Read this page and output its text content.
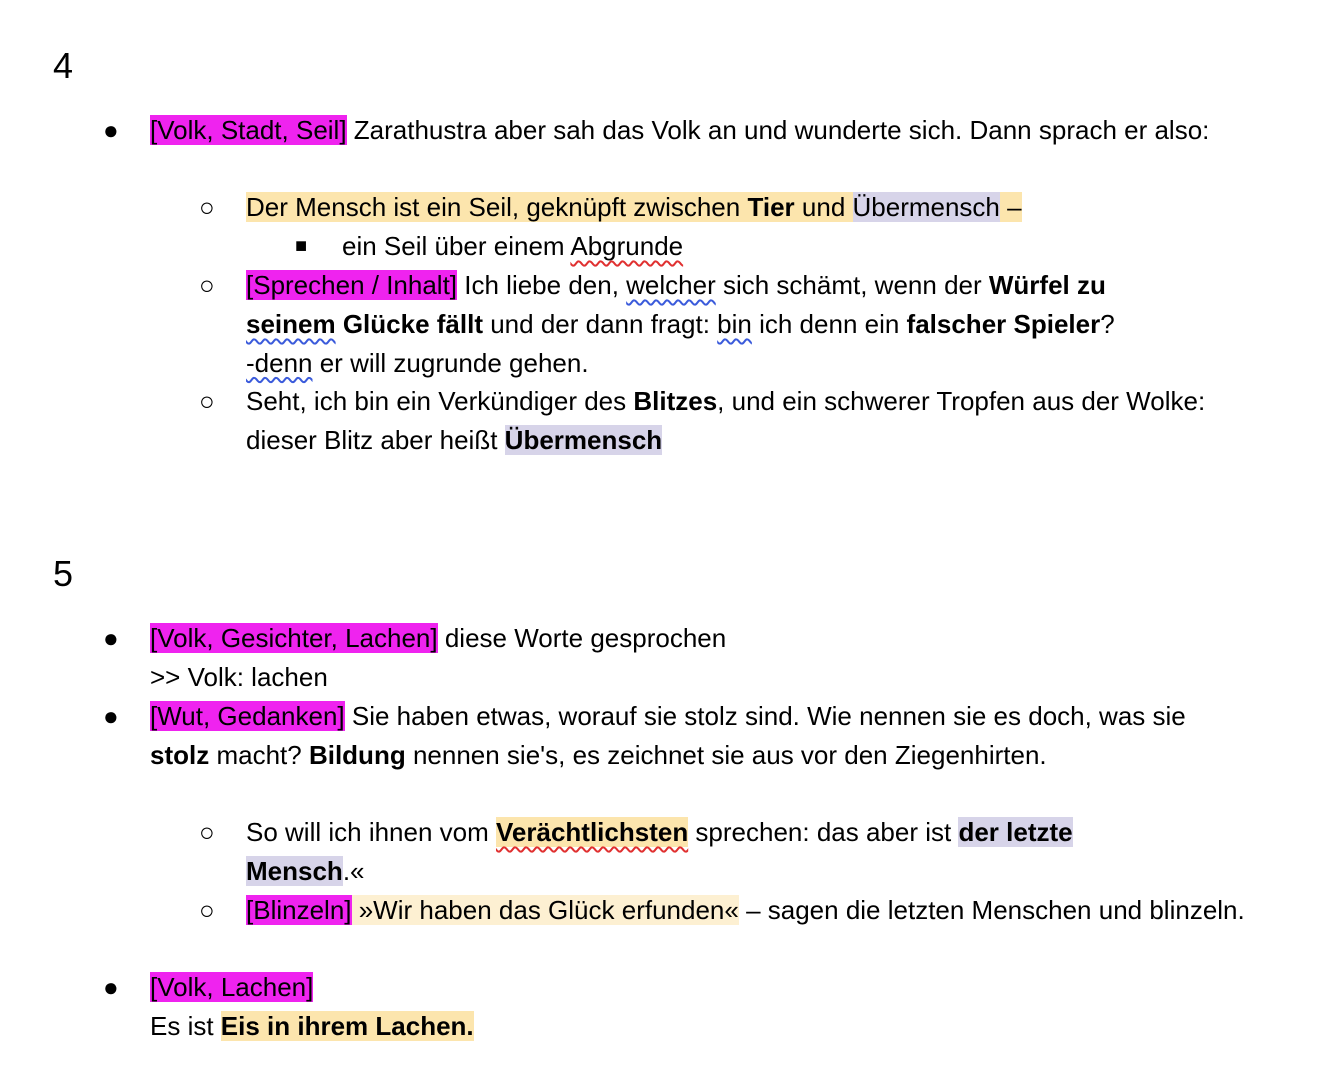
4
● [Volk, Stadt, Seil] Zarathustra aber sah das Volk an und wunderte sich. Dann sprach er also:
○ Der Mensch ist ein Seil, geknüpft zwischen Tier und Übermensch –
■ ein Seil über einem Abgrunde
○ [Sprechen / Inhalt] Ich liebe den, welcher sich schämt, wenn der Würfel zu
seinem Glücke fällt und der dann fragt: bin ich denn ein falscher Spieler?
-denn er will zugrunde gehen.
○ Seht, ich bin ein Verkündiger des Blitzes, und ein schwerer Tropfen aus der Wolke: dieser Blitz aber heißt Übermensch
5
● [Volk, Gesichter, Lachen] diese Worte gesprochen
>> Volk: lachen
● [Wut, Gedanken] Sie haben etwas, worauf sie stolz sind. Wie nennen sie es doch, was sie stolz macht? Bildung nennen sie's, es zeichnet sie aus vor den Ziegenhirten.
○ So will ich ihnen vom Verächtlichsten sprechen: das aber ist der letzte
Mensch.«
○ [Blinzeln] »Wir haben das Glück erfunden« – sagen die letzten Menschen und blinzeln.
● [Volk, Lachen]
Es ist Eis in ihrem Lachen.
